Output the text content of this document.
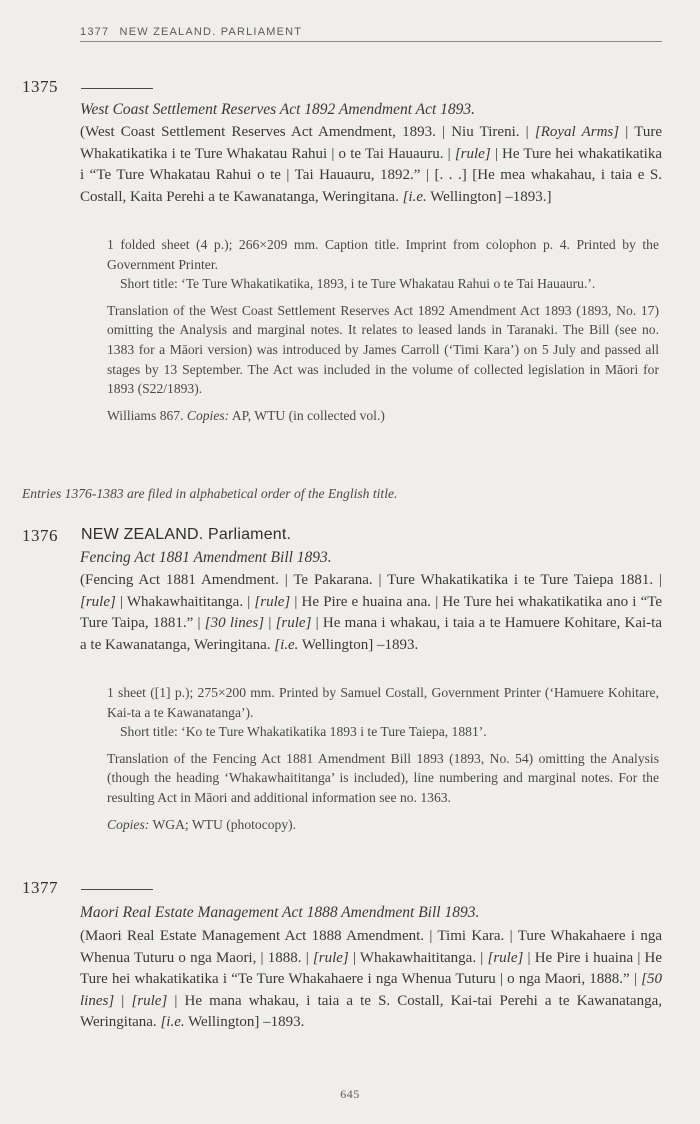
1377 NEW ZEALAND. PARLIAMENT
1375
West Coast Settlement Reserves Act 1892 Amendment Act 1893.
(West Coast Settlement Reserves Act Amendment, 1893. | Niu Tireni. | [Royal Arms] | Ture Whakatikatika i te Ture Whakatau Rahui | o te Tai Hauauru. | [rule] | He Ture hei whakatikatika i “Te Ture Whakatau Rahui o te | Tai Hauauru, 1892.” | [. . .] [He mea whakahau, i taia e S. Costall, Kaita Perehi a te Kawanatanga, Weringitana. [i.e. Wellington] –1893.]

1 folded sheet (4 p.); 266×209 mm. Caption title. Imprint from colophon p. 4. Printed by the Government Printer.

Short title: ‘Te Ture Whakatikatika, 1893, i te Ture Whakatau Rahui o te Tai Hauauru.’.

Translation of the West Coast Settlement Reserves Act 1892 Amendment Act 1893 (1893, No. 17) omitting the Analysis and marginal notes. It relates to leased lands in Taranaki. The Bill (see no. 1383 for a Māori version) was introduced by James Carroll (‘Timi Kara’) on 5 July and passed all stages by 13 September. The Act was included in the volume of collected legislation in Māori for 1893 (S22/1893).

Williams 867. Copies: AP, WTU (in collected vol.)

Entries 1376-1383 are filed in alphabetical order of the English title.
1376 NEW ZEALAND. Parliament.
Fencing Act 1881 Amendment Bill 1893.
(Fencing Act 1881 Amendment. | Te Pakarana. | Ture Whakatikatika i te Ture Taiepa 1881. | [rule] | Whakawhaititanga. | [rule] | He Pire e huaina ana. | He Ture hei whakatikatika ano i “Te Ture Taipa, 1881.” | [30 lines] | [rule] | He mana i whakau, i taia a te Hamuere Kohitare, Kai-ta a te Kawanatanga, Weringitana. [i.e. Wellington] –1893.

1 sheet ([1] p.); 275×200 mm. Printed by Samuel Costall, Government Printer (‘Hamuere Kohitare, Kai-ta a te Kawanatanga’).

Short title: ‘Ko te Ture Whakatikatika 1893 i te Ture Taiepa, 1881’.

Translation of the Fencing Act 1881 Amendment Bill 1893 (1893, No. 54) omitting the Analysis (though the heading ‘Whakawhaititanga’ is included), line numbering and marginal notes. For the resulting Act in Māori and additional information see no. 1363.

Copies: WGA; WTU (photocopy).

1377
Maori Real Estate Management Act 1888 Amendment Bill 1893.
(Maori Real Estate Management Act 1888 Amendment. | Timi Kara. | Ture Whakahaere i nga Whenua Tuturu o nga Maori, | 1888. | [rule] | Whakawhaititanga. | [rule] | He Pire i huaina | He Ture hei whakatikatika i “Te Ture Whakahaere i nga Whenua Tuturu | o nga Maori, 1888.” | [50 lines] | [rule] | He mana whakau, i taia a te S. Costall, Kai-tai Perehi a te Kawanatanga, Weringitana. [i.e. Wellington] –1893.
645
